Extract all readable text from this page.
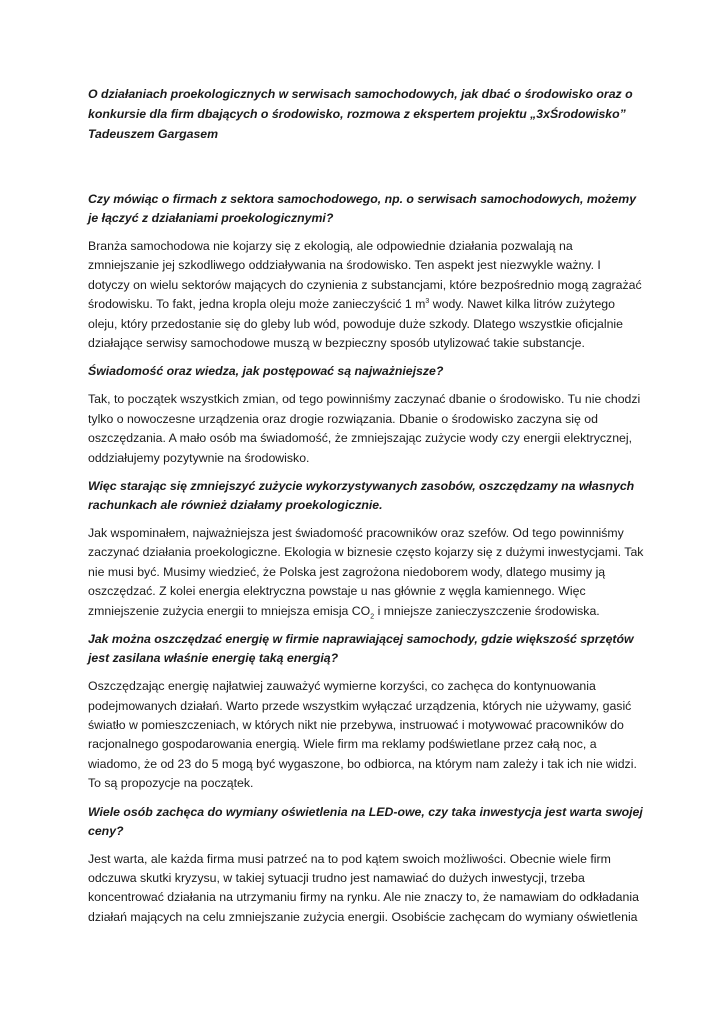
O działaniach proekologicznych w serwisach samochodowych, jak dbać o środowisko oraz o konkursie dla firm dbających o środowisko, rozmowa z ekspertem projektu „3xŚrodowisko” Tadeuszem Gargasem

Czy mówiąc o firmach z sektora samochodowego, np. o serwisach samochodowych, możemy je łączyć z działaniami proekologicznymi?

Branża samochodowa nie kojarzy się z ekologią, ale odpowiednie działania pozwalają na zmniejszanie jej szkodliwego oddziaływania na środowisko. Ten aspekt jest niezwykle ważny. I dotyczy on wielu sektorów mających do czynienia z substancjami, które bezpośrednio mogą zagrażać środowisku. To fakt, jedna kropla oleju może zanieczyścić 1 $m^3$ wody. Nawet kilka litrów zużytego oleju, który przedostanie się do gleby lub wód, powoduje duże szkody. Dlatego wszystkie oficjalnie działające serwisy samochodowe muszą w bezpieczny sposób utylizować takie substancje.

Świadomość oraz wiedza, jak postępować są najważniejsze?

Tak, to początek wszystkich zmian, od tego powinniśmy zaczynać dbanie o środowisko. Tu nie chodzi tylko o nowoczesne urządzenia oraz drogie rozwiązania. Dbanie o środowisko zaczyna się od oszczędzania. A mało osób ma świadomość, że zmniejszając zużycie wody czy energii elektrycznej, oddziałujemy pozytywnie na środowisko.

Więc starając się zmniejszyć zużycie wykorzystywanych zasobów, oszczędzamy na własnych rachunkach ale również działamy proekologicznie.

Jak wspominałem, najważniejsza jest świadomość pracowników oraz szefów. Od tego powinniśmy zaczynać działania proekologiczne. Ekologia w biznesie często kojarzy się z dużymi inwestycjami. Tak nie musi być. Musimy wiedzieć, że Polska jest zagrożona niedoborem wody, dlatego musimy ją oszczędzać. Z kolei energia elektryczna powstaje u nas głównie z węgla kamiennego. Więc zmniejszenie zużycia energii to mniejsza emisja $CO_2$ i mniejsze zanieczyszczenie środowiska.

Jak można oszczędzać energię w firmie naprawiającej samochody, gdzie większość sprzętów jest zasilana właśnie energię taką energią?

Oszczędzając energię najłatwiej zauważyć wymierne korzyści, co zachęca do kontynuowania podejmowanych działań. Warto przede wszystkim wyłączać urządzenia, których nie używamy, gasić światło w pomieszczeniach, w których nikt nie przebywa, instruować i motywować pracowników do racjonalnego gospodarowania energią. Wiele firm ma reklamy podświetlane przez całą noc, a wiadomo, że od 23 do 5 mogą być wygaszone, bo odbiorca, na którym nam zależy i tak ich nie widzi. To są propozycje na początek.

Wiele osób zachęca do wymiany oświetlenia na LED-owe, czy taka inwestycja jest warta swojej ceny?

Jest warta, ale każda firma musi patrzeć na to pod kątem swoich możliwości. Obecnie wiele firm odczuwa skutki kryzysu, w takiej sytuacji trudno jest namawiać do dużych inwestycji, trzeba koncentrować działania na utrzymaniu firmy na rynku. Ale nie znaczy to, że namawiam do odkładania działań mających na celu zmniejszanie zużycia energii. Osobiście zachęcam do wymiany oświetlenia
